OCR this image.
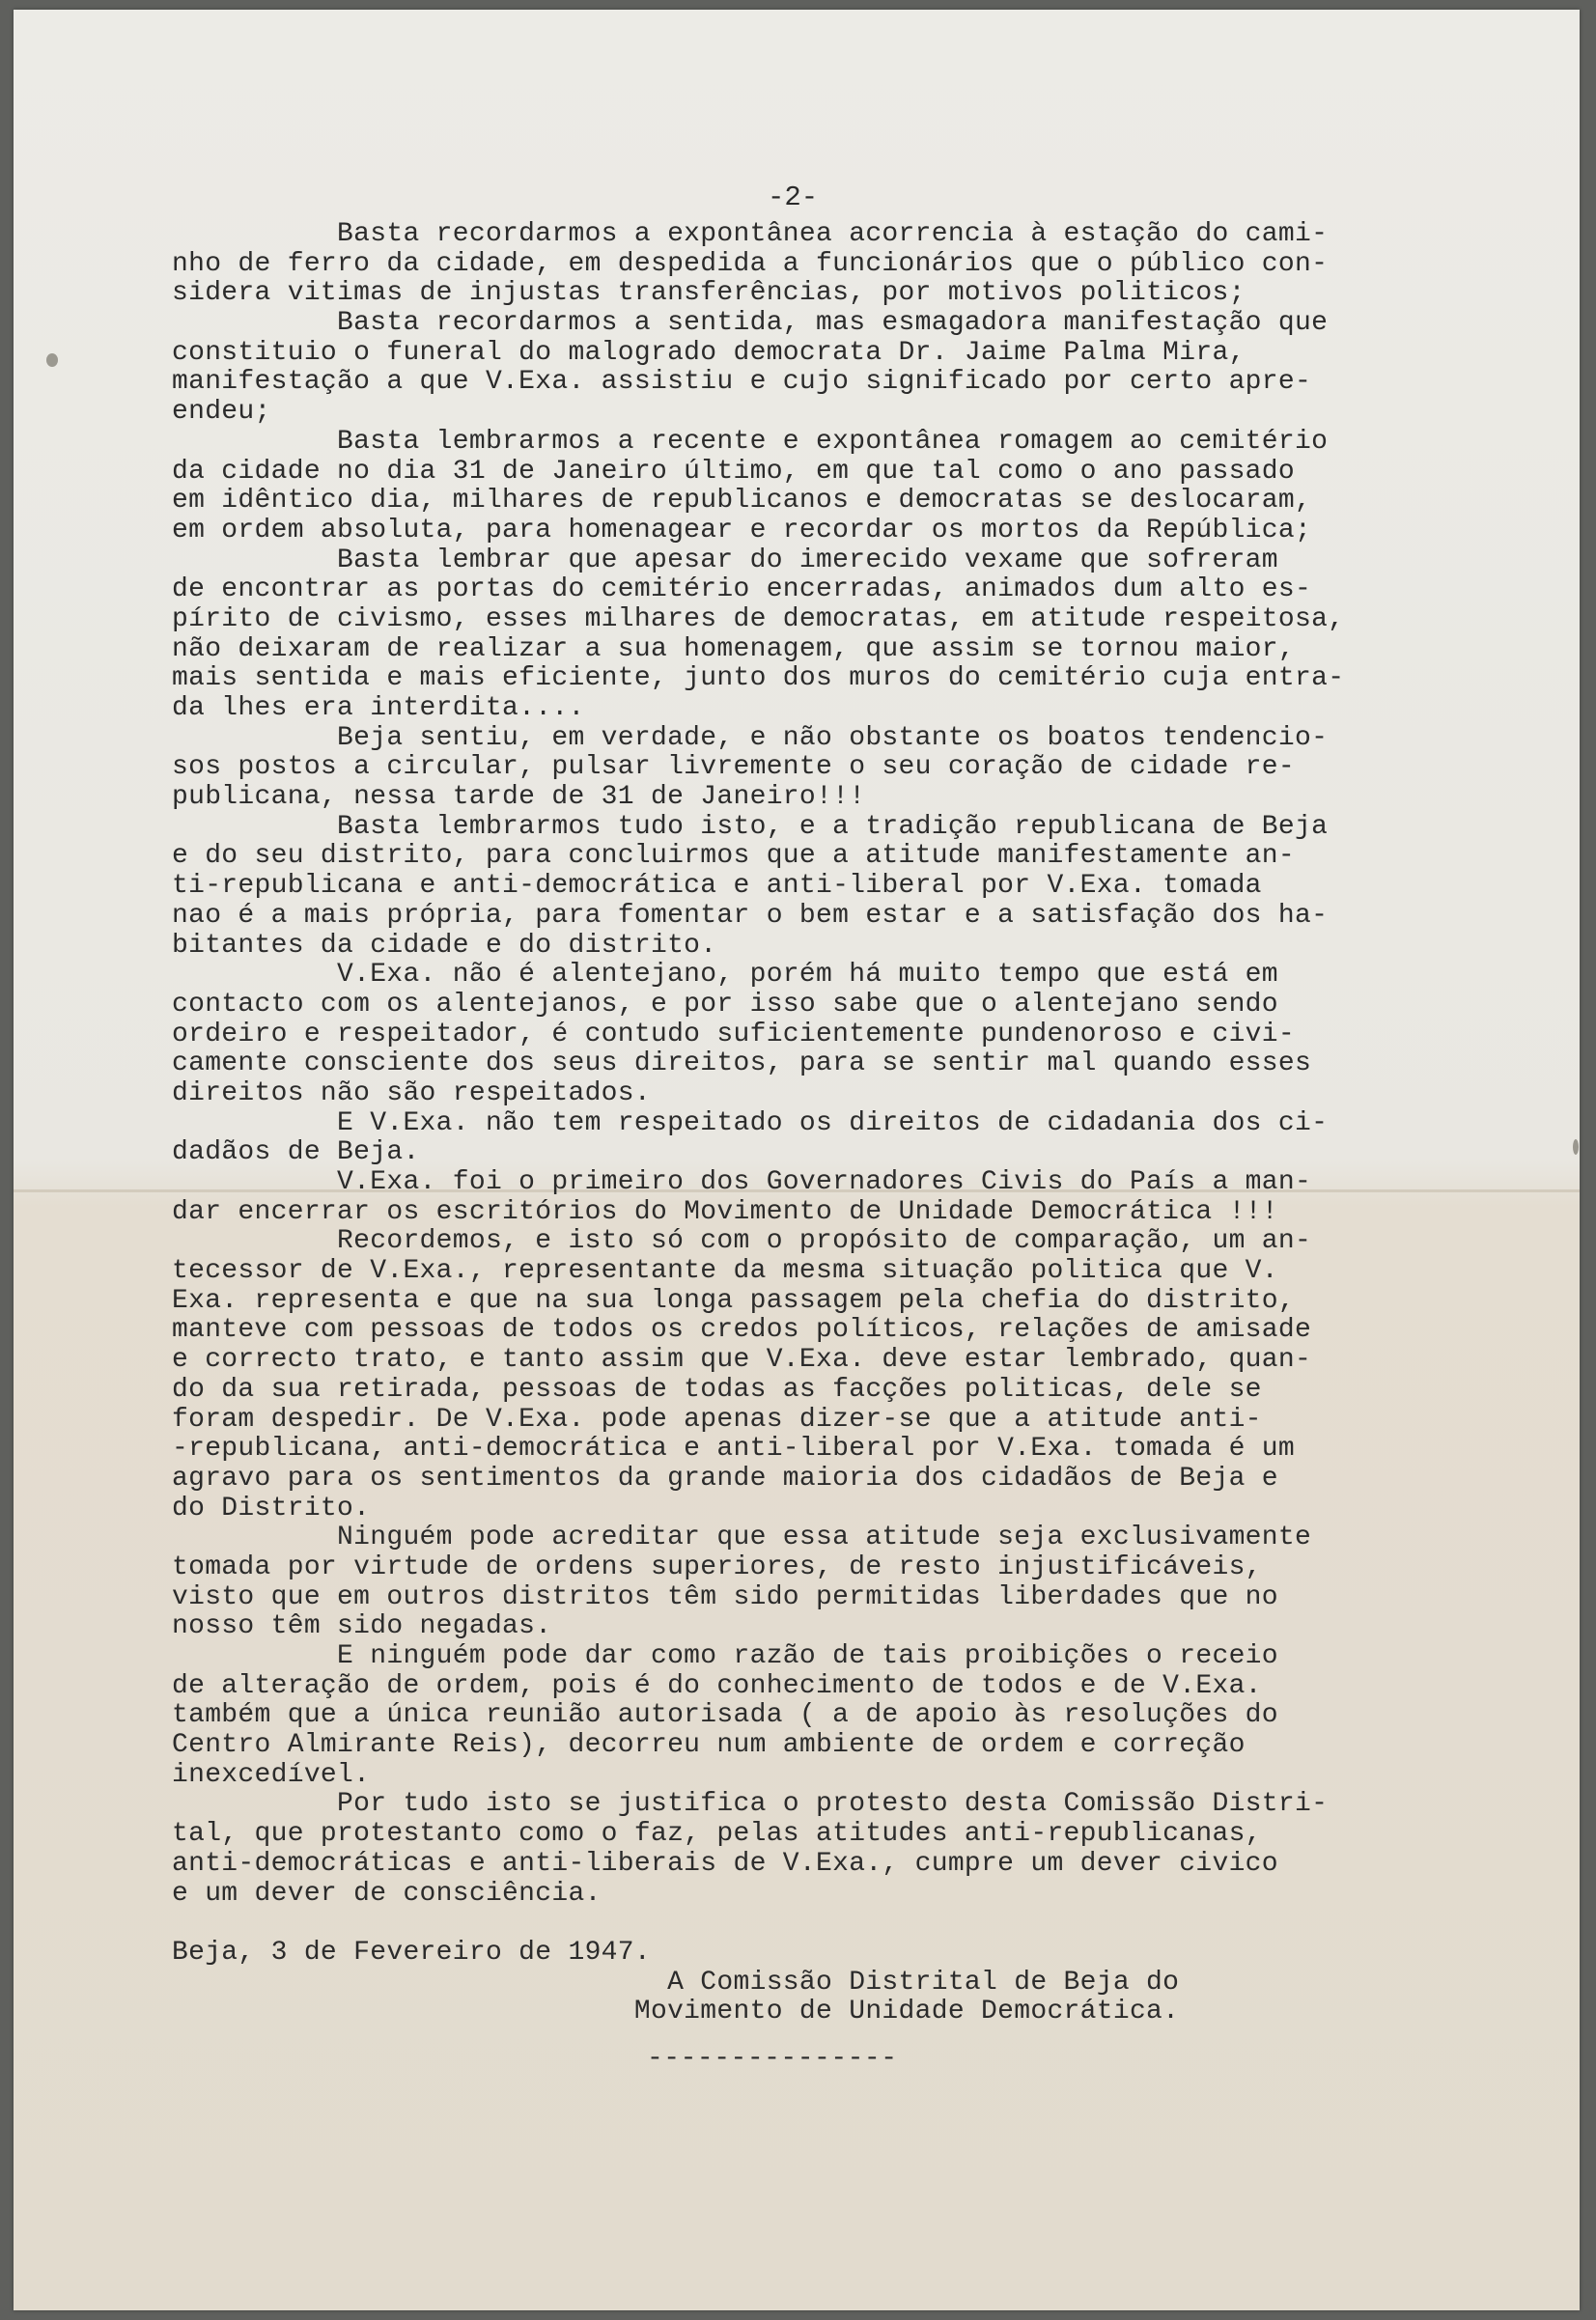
-2-
Basta recordarmos a expontânea acorrencia à estação do cami-
nho de ferro da cidade, em despedida a funcionários que o público con-
sidera vitimas de injustas transferências, por motivos politicos;
Basta recordarmos a sentida, mas esmagadora manifestação que
constituio o funeral do malogrado democrata Dr. Jaime Palma Mira,
manifestação a que V.Exa. assistiu e cujo significado por certo apre-
endeu;
Basta lembrarmos a recente e expontânea romagem ao cemitério
da cidade no dia 31 de Janeiro último, em que tal como o ano passado
em idêntico dia, milhares de republicanos e democratas se deslocaram,
em ordem absoluta, para homenagear e recordar os mortos da República;
Basta lembrar que apesar do imerecido vexame que sofreram
de encontrar as portas do cemitério encerradas, animados dum alto es-
pírito de civismo, esses milhares de democratas, em atitude respeitosa,
não deixaram de realizar a sua homenagem, que assim se tornou maior,
mais sentida e mais eficiente, junto dos muros do cemitério cuja entra-
da lhes era interdita....
Beja sentiu, em verdade, e não obstante os boatos tendencio-
sos postos a circular, pulsar livremente o seu coração de cidade re-
publicana, nessa tarde de 31 de Janeiro!!!
Basta lembrarmos tudo isto, e a tradição republicana de Beja
e do seu distrito, para concluirmos que a atitude manifestamente an-
ti-republicana e anti-democrática e anti-liberal por V.Exa. tomada
nao é a mais própria, para fomentar o bem estar e a satisfação dos ha-
bitantes da cidade e do distrito.
V.Exa. não é alentejano, porém há muito tempo que está em
contacto com os alentejanos, e por isso sabe que o alentejano sendo
ordeiro e respeitador, é contudo suficientemente pundenoroso e civi-
camente consciente dos seus direitos, para se sentir mal quando esses
direitos não são respeitados.
E V.Exa. não tem respeitado os direitos de cidadania dos ci-
dadãos de Beja.
V.Exa. foi o primeiro dos Governadores Civis do País a man-
dar encerrar os escritórios do Movimento de Unidade Democrática !!!
Recordemos, e isto só com o propósito de comparação, um an-
tecessor de V.Exa., representante da mesma situação politica que V.
Exa. representa e que na sua longa passagem pela chefia do distrito,
manteve com pessoas de todos os credos políticos, relações de amisade
e correcto trato, e tanto assim que V.Exa. deve estar lembrado, quan-
do da sua retirada, pessoas de todas as facções politicas, dele se
foram despedir. De V.Exa. pode apenas dizer-se que a atitude anti-
-republicana, anti-democrática e anti-liberal por V.Exa. tomada é um
agravo para os sentimentos da grande maioria dos cidadãos de Beja e
do Distrito.
Ninguém pode acreditar que essa atitude seja exclusivamente
tomada por virtude de ordens superiores, de resto injustificáveis,
visto que em outros distritos têm sido permitidas liberdades que no
nosso têm sido negadas.
E ninguém pode dar como razão de tais proibições o receio
de alteração de ordem, pois é do conhecimento de todos e de V.Exa.
também que a única reunião autorisada ( a de apoio às resoluções do
Centro Almirante Reis), decorreu num ambiente de ordem e correção
inexcedível.
Por tudo isto se justifica o protesto desta Comissão Distri-
tal, que protestanto como o faz, pelas atitudes anti-republicanas,
anti-democráticas e anti-liberais de V.Exa., cumpre um dever civico
e um dever de consciência.
Beja, 3 de Fevereiro de 1947.
A Comissão Distrital de Beja do
Movimento de Unidade Democrática.
---------------
